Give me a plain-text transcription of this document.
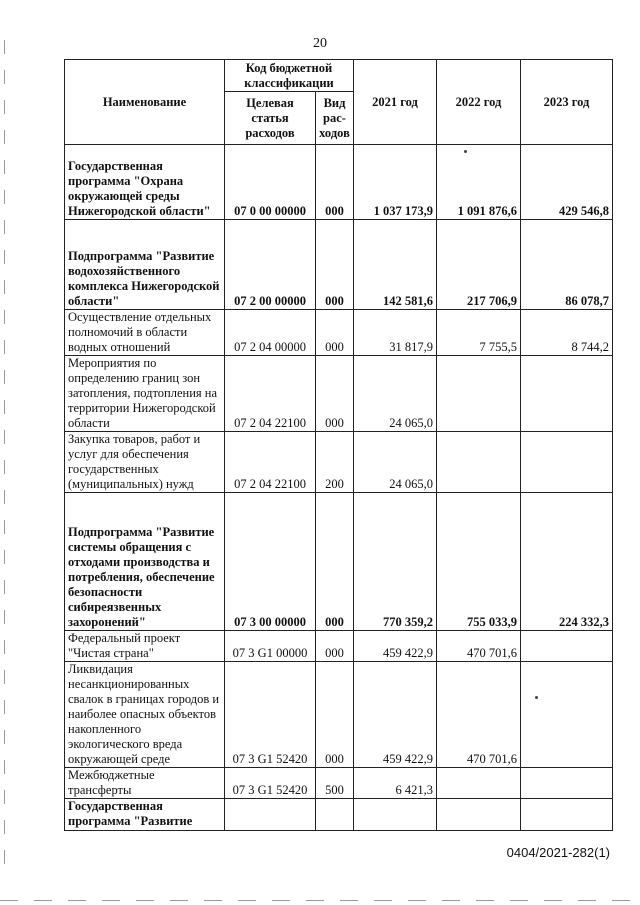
20
Наименование	Код бюджетной классификации		2021 год	2022 год	2023 год
	Целевая статья расходов	Вид рас-ходов			
Государственная программа "Охрана окружающей среды Нижегородской области"	07 0 00 00000	000	1 037 173,9	1 091 876,6	429 546,8
Подпрограмма "Развитие водохозяйственного комплекса Нижегородской области"	07 2 00 00000	000	142 581,6	217 706,9	86 078,7
Осуществление отдельных полномочий в области водных отношений	07 2 04 00000	000	31 817,9	7 755,5	8 744,2
Мероприятия по определению границ зон затопления, подтопления на территории Нижегородской области	07 2 04 22100	000	24 065,0		
Закупка товаров, работ и услуг для обеспечения государственных (муниципальных) нужд	07 2 04 22100	200	24 065,0		
Подпрограмма "Развитие системы обращения с отходами производства и потребления, обеспечение безопасности сибиреязвенных захоронений"	07 3 00 00000	000	770 359,2	755 033,9	224 332,3
Федеральный проект "Чистая страна"	07 3 G1 00000	000	459 422,9	470 701,6	
Ликвидация несанкционированных свалок в границах городов и наиболее опасных объектов накопленного экологического вреда окружающей среде	07 3 G1 52420	000	459 422,9	470 701,6	
Межбюджетные трансферты	07 3 G1 52420	500	6 421,3		
Государственная программа "Развитие					
0404/2021-282(1)
